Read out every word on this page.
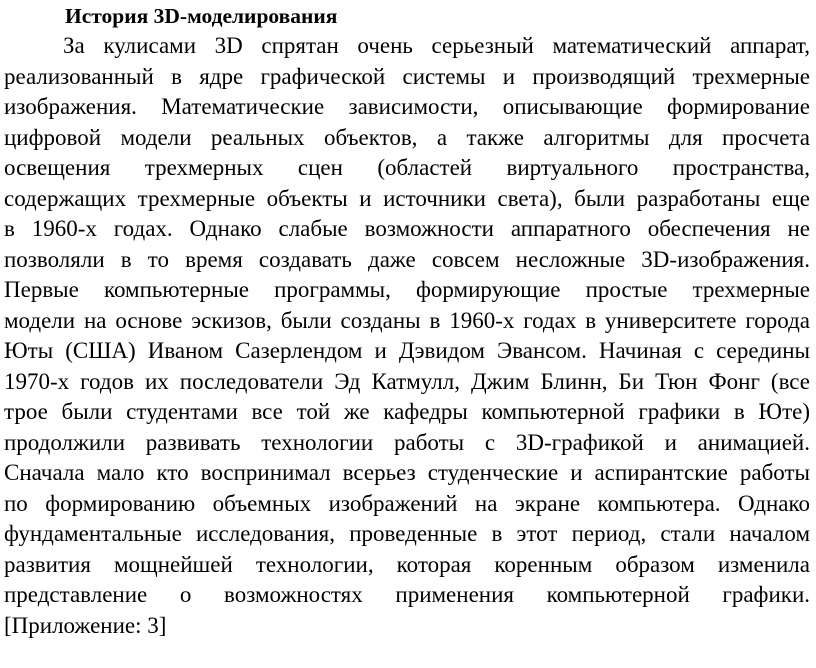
История 3D-моделирования
За кулисами 3D спрятан очень серьезный математический аппарат,
реализованный в ядре графической системы и производящий трехмерные
изображения. Математические зависимости, описывающие формирование
цифровой модели реальных объектов, а также алгоритмы для просчета
освещения трехмерных сцен (областей виртуального пространства,
содержащих трехмерные объекты и источники света), были разработаны еще
в 1960-х годах. Однако слабые возможности аппаратного обеспечения не
позволяли в то время создавать даже совсем несложные 3D-изображения.
Первые компьютерные программы, формирующие простые трехмерные
модели на основе эскизов, были созданы в 1960-х годах в университете города
Юты (США) Иваном Сазерлендом и Дэвидом Эвансом. Начиная с середины
1970-х годов их последователи Эд Катмулл, Джим Блинн, Би Тюн Фонг (все
трое были студентами все той же кафедры компьютерной графики в Юте)
продолжили развивать технологии работы с 3D-графикой и анимацией.
Сначала мало кто воспринимал всерьез студенческие и аспирантские работы
по формированию объемных изображений на экране компьютера. Однако
фундаментальные исследования, проведенные в этот период, стали началом
развития мощнейшей технологии, которая коренным образом изменила
представление о возможностях применения компьютерной графики.
[Приложение: 3]
